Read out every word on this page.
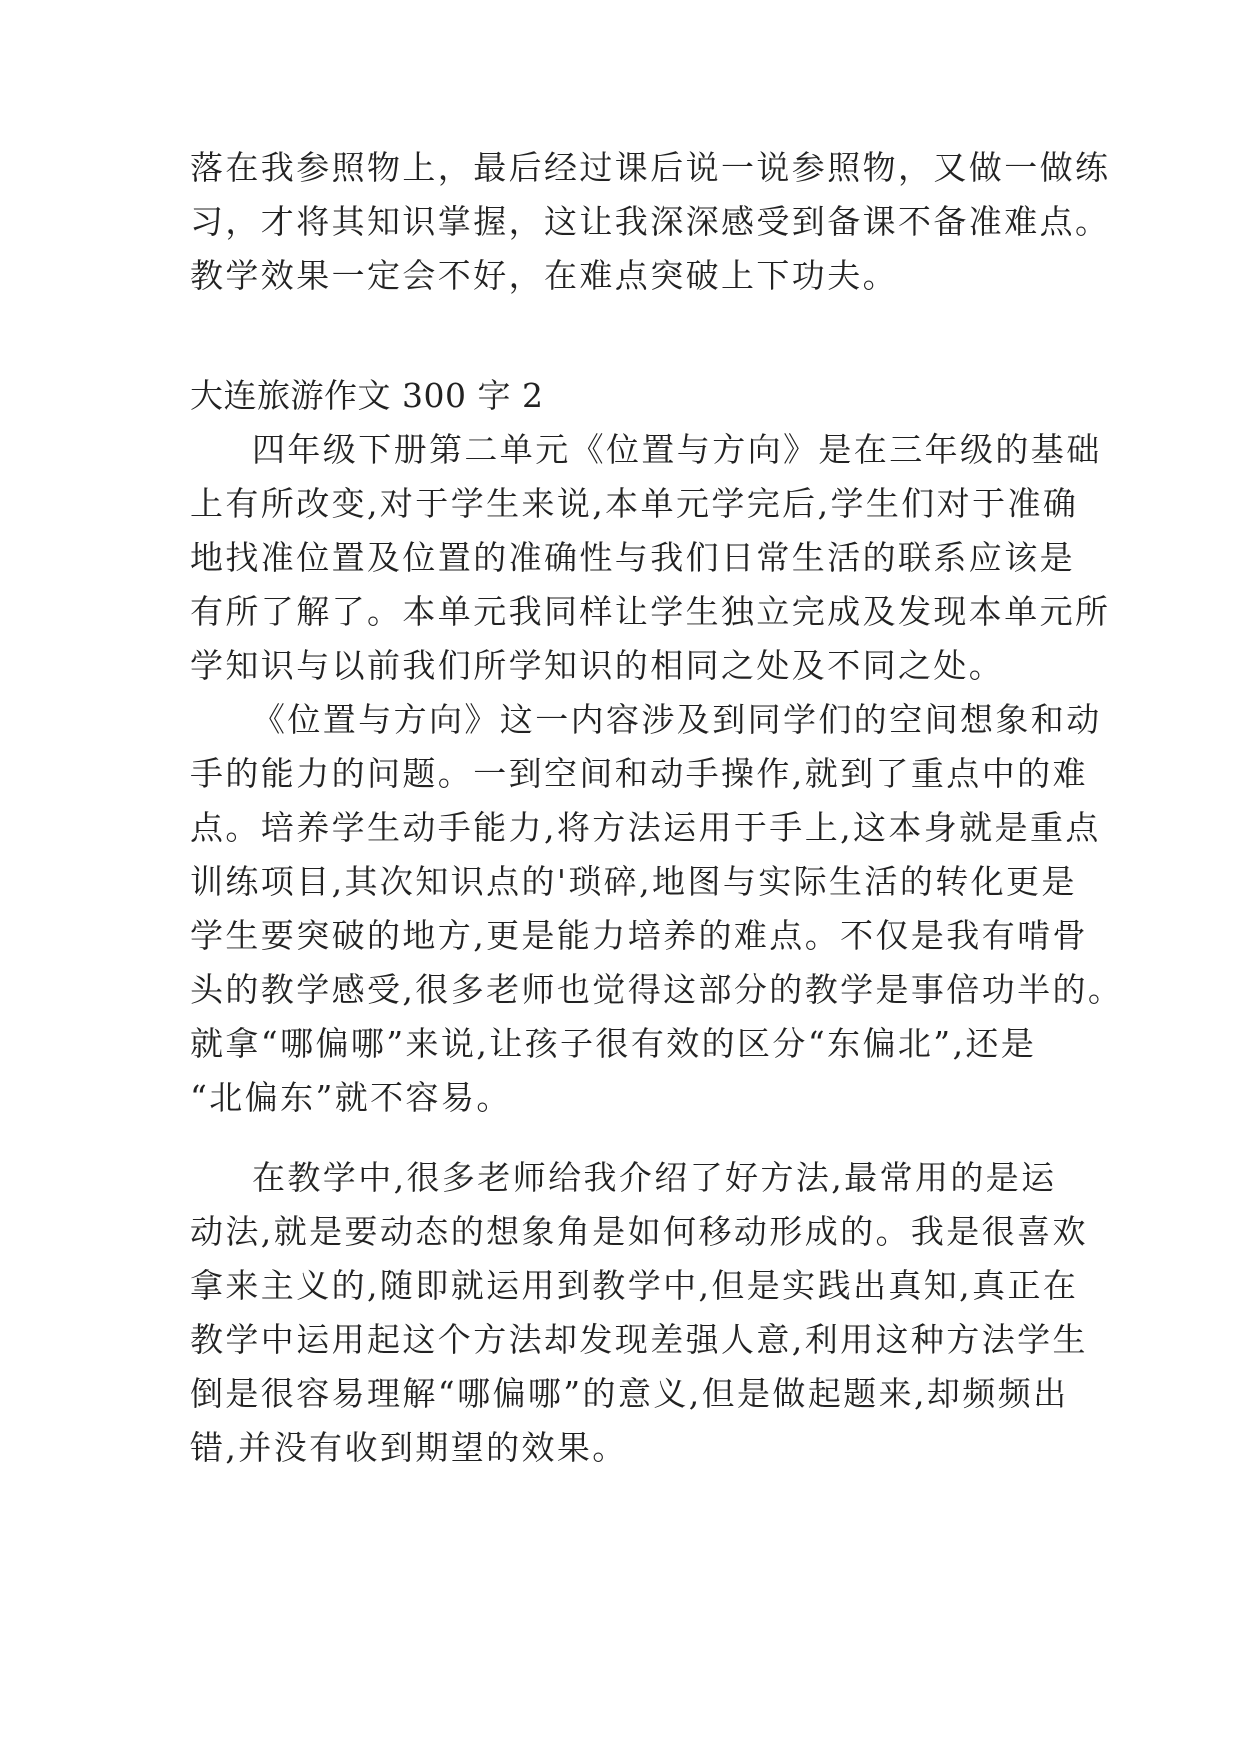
落在我参照物上，最后经过课后说一说参照物，又做一做练
习，才将其知识掌握，这让我深深感受到备课不备准难点。
教学效果一定会不好，在难点突破上下功夫。
大连旅游作文 300 字 2
四年级下册第二单元《位置与方向》是在三年级的基础
上有所改变,对于学生来说,本单元学完后,学生们对于准确
地找准位置及位置的准确性与我们日常生活的联系应该是
有所了解了。本单元我同样让学生独立完成及发现本单元所
学知识与以前我们所学知识的相同之处及不同之处。
《位置与方向》这一内容涉及到同学们的空间想象和动
手的能力的问题。一到空间和动手操作,就到了重点中的难
点。培养学生动手能力,将方法运用于手上,这本身就是重点
训练项目,其次知识点的'琐碎,地图与实际生活的转化更是
学生要突破的地方,更是能力培养的难点。不仅是我有啃骨
头的教学感受,很多老师也觉得这部分的教学是事倍功半的。
就拿“哪偏哪”来说,让孩子很有效的区分“东偏北”,还是
“北偏东”就不容易。
在教学中,很多老师给我介绍了好方法,最常用的是运
动法,就是要动态的想象角是如何移动形成的。我是很喜欢
拿来主义的,随即就运用到教学中,但是实践出真知,真正在
教学中运用起这个方法却发现差强人意,利用这种方法学生
倒是很容易理解“哪偏哪”的意义,但是做起题来,却频频出
错,并没有收到期望的效果。
